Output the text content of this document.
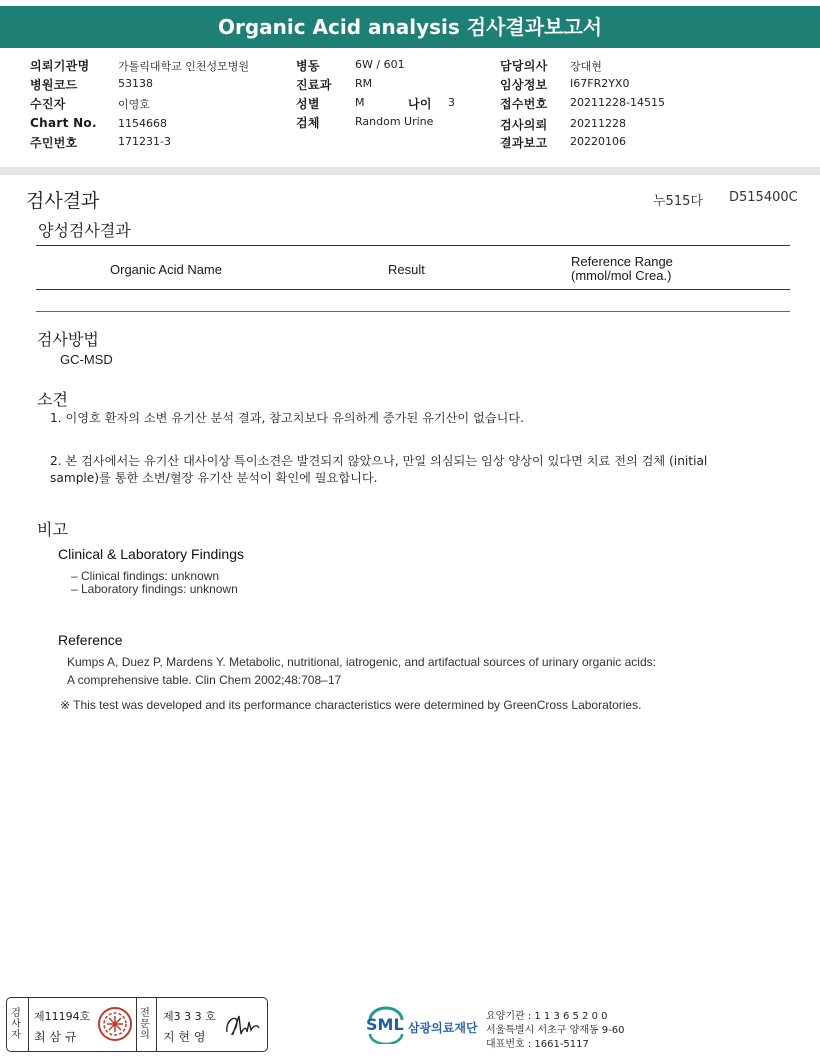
Organic Acid analysis 검사결과보고서
의뢰기관명	가톨릭대학교 인천성모병원
병원코드	53138
수진자	이영호
Chart No. 1154668
주민번호	171231-3
병동	6W / 601
진료과 RM
성별	M	나이 3
검체	Random Urine
담당의사 장대현
임상정보 I67FR2YX0
접수번호 20211228-14515
검사의뢰 20211228
결과보고 20220106
검사결과	누515다 D515400C
양성검사결과
Organic Acid Name	Result
Reference Range
(mmol/mol Crea.)
검사방법
GC-MSD
소견
1. 이영호 환자의 소변 유기산 분석 결과, 참고치보다 유의하게 증가된 유기산이 없습니다.
2. 본 검사에서는 유기산 대사이상 특이소견은 발견되지 않았으나, 만일 의심되는 임상 양상이 있다면 치료 전의 검체 (initial
sample)를 통한 소변/혈장 유기산 분석이 확인에 필요합니다.
비고
Clinical & Laboratory Findings
– Clinical findings: unknown
– Laboratory findings: unknown
Reference
Kumps A, Duez P, Mardens Y. Metabolic, nutritional, iatrogenic, and artifactual sources of urinary organic acids:
A comprehensive table. Clin Chem 2002;48:708–17
※ This test was developed and its performance characteristics were determined by GreenCross Laboratories.
검
사
자
제11194호
최 삼 규
전
문
의
제3 3 3 호
지 현 영
SML 삼광의료재단
요양기관 : 1 1 3 6 5 2 0 0
서울특별시 서초구 양재동 9-60
대표번호 : 1661-5117
